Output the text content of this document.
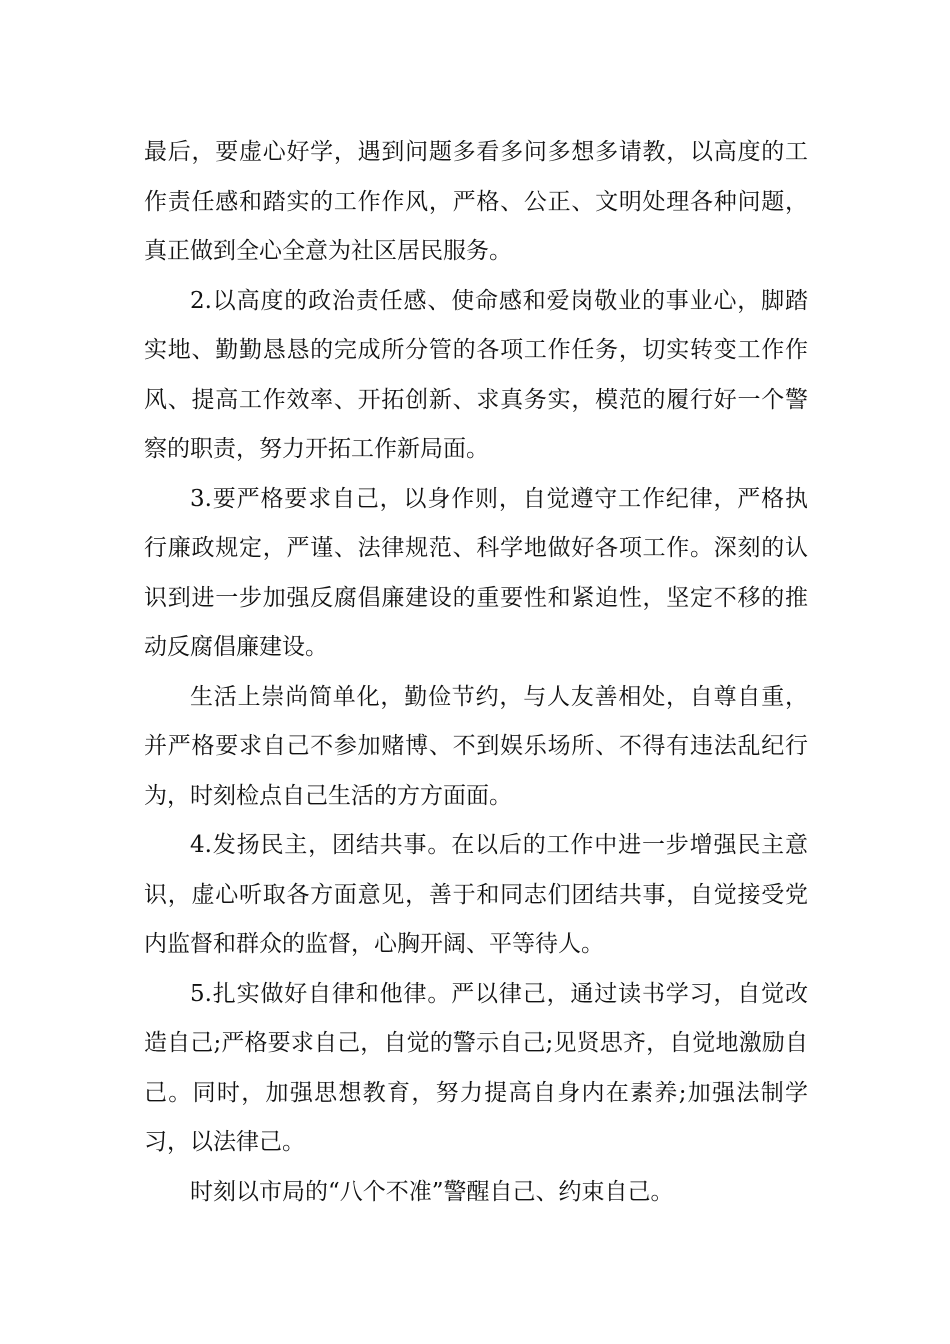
最后，要虚心好学，遇到问题多看多问多想多请教，以高度的工作责任感和踏实的工作作风，严格、公正、文明处理各种问题，真正做到全心全意为社区居民服务。

2.以高度的政治责任感、使命感和爱岗敬业的事业心，脚踏实地、勤勤恳恳的完成所分管的各项工作任务，切实转变工作作风、提高工作效率、开拓创新、求真务实，模范的履行好一个警察的职责，努力开拓工作新局面。

3.要严格要求自己，以身作则，自觉遵守工作纪律，严格执行廉政规定，严谨、法律规范、科学地做好各项工作。深刻的认识到进一步加强反腐倡廉建设的重要性和紧迫性，坚定不移的推动反腐倡廉建设。

生活上崇尚简单化，勤俭节约，与人友善相处，自尊自重，并严格要求自己不参加赌博、不到娱乐场所、不得有违法乱纪行为，时刻检点自己生活的方方面面。

4.发扬民主，团结共事。在以后的工作中进一步增强民主意识，虚心听取各方面意见，善于和同志们团结共事，自觉接受党内监督和群众的监督，心胸开阔、平等待人。

5.扎实做好自律和他律。严以律己，通过读书学习，自觉改造自己;严格要求自己，自觉的警示自己;见贤思齐，自觉地激励自己。同时，加强思想教育，努力提高自身内在素养;加强法制学习，以法律己。

时刻以市局的“八个不准”警醒自己、约束自己。
